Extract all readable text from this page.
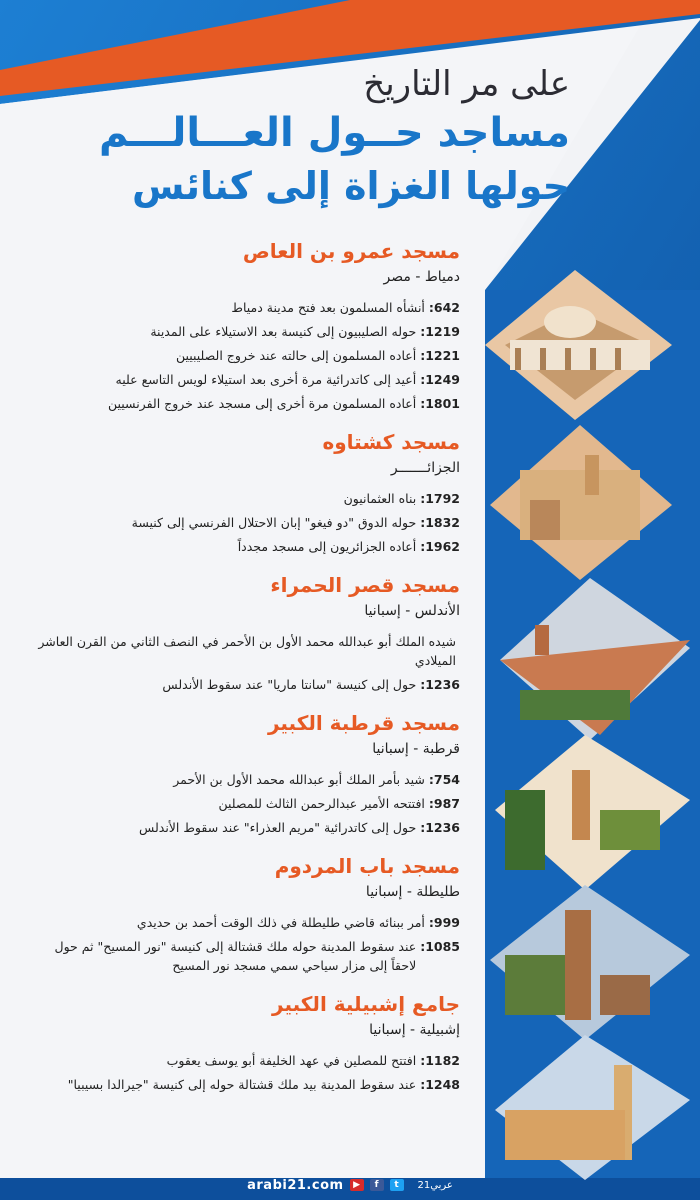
على مر التاريخ
مساجد حــول العـــالـــم
حولها الغزاة إلى كنائس
مسجد عمرو بن العاص
دمياط - مصر
642:
أنشأه المسلمون بعد فتح مدينة دمياط
1219:
حوله الصليبيون إلى كنيسة بعد الاستيلاء على المدينة
1221:
أعاده المسلمون إلى حالته عند خروج الصليبيين
1249:
أعيد إلى كاتدرائية مرة أخرى بعد استيلاء لويس التاسع عليه
1801:
أعاده المسلمون مرة أخرى إلى مسجد عند خروج الفرنسيين
مسجد كشتاوه
الجزائـــــــر
1792:
بناه العثمانيون
1832:
حوله الدوق "دو فيغو" إبان الاحتلال الفرنسي إلى كنيسة
1962:
أعاده الجزائريون إلى مسجد مجدداً
مسجد قصر الحمراء
الأندلس - إسبانيا
شيده الملك أبو عبدالله محمد الأول بن الأحمر في النصف الثاني من القرن العاشر الميلادي
1236:
حول إلى كنيسة "سانتا ماريا" عند سقوط الأندلس
مسجد قرطبة الكبير
قرطبة - إسبانيا
754:
شيد بأمر الملك أبو عبدالله محمد الأول بن الأحمر
987:
افتتحه الأمير عبدالرحمن الثالث للمصلين
1236:
حول إلى كاتدرائية "مريم العذراء" عند سقوط الأندلس
مسجد باب المردوم
طليطلة - إسبانيا
999:
أمر ببنائه قاضي طليطلة في ذلك الوقت أحمد بن حديدي
1085:
عند سقوط المدينة حوله ملك قشتالة إلى كنيسة "نور المسيح" ثم حول لاحقاً إلى مزار سياحي سمي مسجد نور المسيح
جامع إشبيلية الكبير
إشبيلية - إسبانيا
1182:
افتتح للمصلين في عهد الخليفة أبو يوسف يعقوب
1248:
عند سقوط المدينة بيد ملك قشتالة حوله إلى كنيسة "جيرالدا بسيبيا"
arabi21.com	▶	f	t	عربي21
